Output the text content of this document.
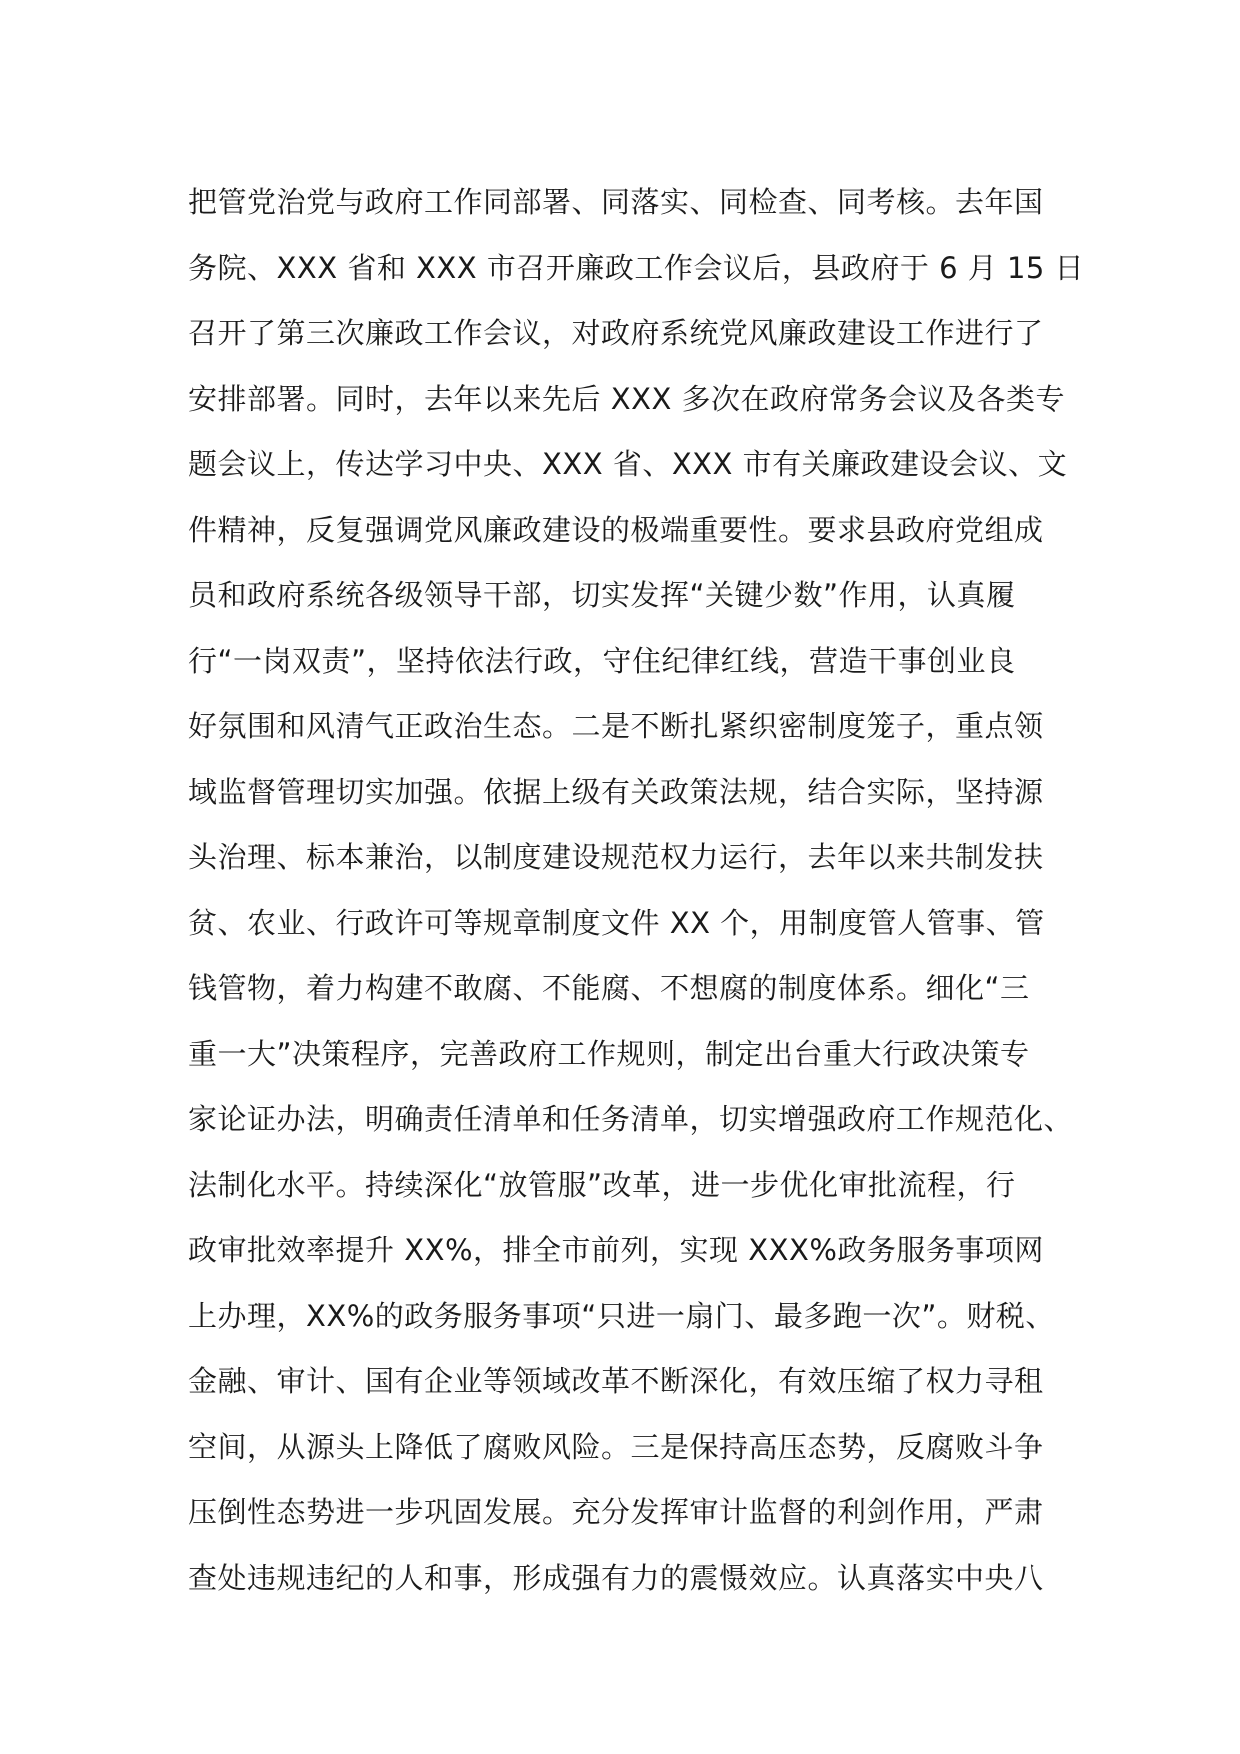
把管党治党与政府工作同部署、同落实、同检查、同考核。去年国
务院、XXX 省和 XXX 市召开廉政工作会议后，县政府于 6 月 15 日
召开了第三次廉政工作会议，对政府系统党风廉政建设工作进行了
安排部署。同时，去年以来先后 XXX 多次在政府常务会议及各类专
题会议上，传达学习中央、XXX 省、XXX 市有关廉政建设会议、文
件精神，反复强调党风廉政建设的极端重要性。要求县政府党组成
员和政府系统各级领导干部，切实发挥“关键少数”作用，认真履
行“一岗双责”，坚持依法行政，守住纪律红线，营造干事创业良
好氛围和风清气正政治生态。二是不断扎紧织密制度笼子，重点领
域监督管理切实加强。依据上级有关政策法规，结合实际，坚持源
头治理、标本兼治，以制度建设规范权力运行，去年以来共制发扶
贫、农业、行政许可等规章制度文件 XX 个，用制度管人管事、管
钱管物，着力构建不敢腐、不能腐、不想腐的制度体系。细化“三
重一大”决策程序，完善政府工作规则，制定出台重大行政决策专
家论证办法，明确责任清单和任务清单，切实增强政府工作规范化、
法制化水平。持续深化“放管服”改革，进一步优化审批流程，行
政审批效率提升 XX%，排全市前列，实现 XXX%政务服务事项网
上办理，XX%的政务服务事项“只进一扇门、最多跑一次”。财税、
金融、审计、国有企业等领域改革不断深化，有效压缩了权力寻租
空间，从源头上降低了腐败风险。三是保持高压态势，反腐败斗争
压倒性态势进一步巩固发展。充分发挥审计监督的利剑作用，严肃
查处违规违纪的人和事，形成强有力的震慑效应。认真落实中央八
